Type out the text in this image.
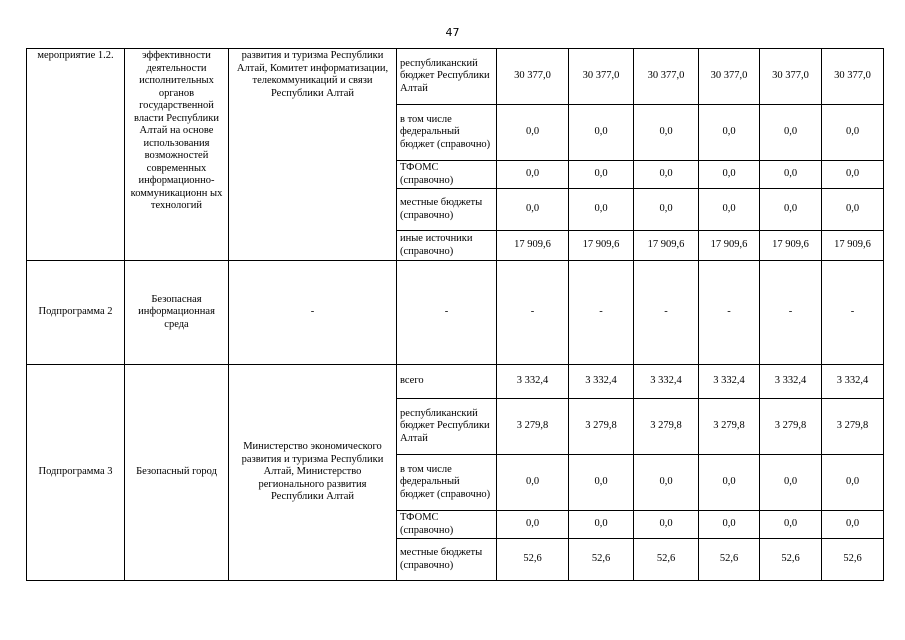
47
мероприятие 1.2.	эффективности деятельности исполнительных органов государственной власти Республики Алтай на основе использования возможностей современных информационно-коммуникационн ых технологий	развития и туризма Республики Алтай, Комитет информатизации, телекоммуникаций и связи Республики Алтай	республиканский бюджет Республики Алтай	30 377,0	30 377,0	30 377,0	30 377,0	30 377,0	30 377,0
			в том числе федеральный бюджет (справочно)	0,0	0,0	0,0	0,0	0,0	0,0
			ТФОМС (справочно)	0,0	0,0	0,0	0,0	0,0	0,0
			местные бюджеты (справочно)	0,0	0,0	0,0	0,0	0,0	0,0
			иные источники (справочно)	17 909,6	17 909,6	17 909,6	17 909,6	17 909,6	17 909,6
Подпрограмма 2	Безопасная информационная среда	-	-	-	-	-	-	-	-
Подпрограмма 3	Безопасный город	Министерство экономического развития и туризма Республики Алтай, Министерство регионального развития Республики Алтай	всего	3 332,4	3 332,4	3 332,4	3 332,4	3 332,4	3 332,4
			республиканский бюджет Республики Алтай	3 279,8	3 279,8	3 279,8	3 279,8	3 279,8	3 279,8
			в том числе федеральный бюджет (справочно)	0,0	0,0	0,0	0,0	0,0	0,0
			ТФОМС (справочно)	0,0	0,0	0,0	0,0	0,0	0,0
			местные бюджеты (справочно)	52,6	52,6	52,6	52,6	52,6	52,6
